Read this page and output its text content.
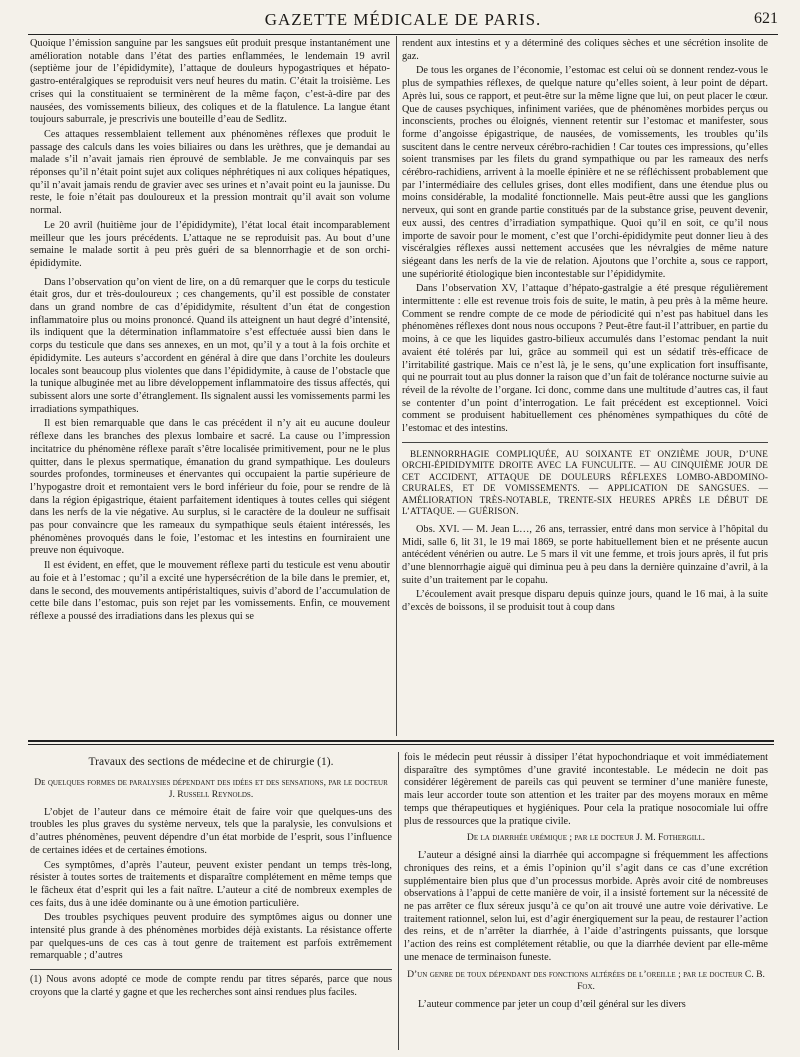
GAZETTE MÉDICALE DE PARIS.	621

Quoique l’émission sanguine par les sangsues eût produit presque instantanément une amélioration notable dans l’état des parties enflammées, le lendemain 19 avril (septième jour de l’épididymite), l’attaque de douleurs hypogastriques et hépato-gastro-entéralgiques se reproduisit vers neuf heures du matin. C’était la troisième. Les crises qui la constituaient se terminèrent de la même façon, c’est-à-dire par des nausées, des vomissements bilieux, des coliques et de la flatulence. La langue étant toujours saburrale, je prescrivis une bouteille d’eau de Sedlitz.

Ces attaques ressemblaient tellement aux phénomènes réflexes que produit le passage des calculs dans les voies biliaires ou dans les urèthres, que je demandai au malade s’il n’avait jamais rien éprouvé de semblable. Je me convainquis par ses réponses qu’il n’était point sujet aux coliques néphrétiques ni aux coliques hépatiques, qu’il n’avait jamais rendu de gravier avec ses urines et n’avait point eu la jaunisse. Du reste, le foie n’était pas douloureux et la pression montrait qu’il avait son volume normal.

Le 20 avril (huitième jour de l’épididymite), l’état local était incomparablement meilleur que les jours précédents. L’attaque ne se reproduisit pas. Au bout d’une semaine le malade sortit à peu près guéri de sa blennorrhagie et de son orchi-épididymite.

Dans l’observation qu’on vient de lire, on a dû remarquer que le corps du testicule était gros, dur et très-douloureux ; ces changements, qu’il est possible de constater dans un grand nombre de cas d’épididymite, résultent d’un état de congestion inflammatoire plus ou moins prononcé. Quand ils atteignent un haut degré d’intensité, ils indiquent que la détermination inflammatoire s’est effectuée aussi bien dans le corps du testicule que dans ses annexes, en un mot, qu’il y a tout à la fois orchite et épididymite. Les auteurs s’accordent en général à dire que dans l’orchite les douleurs locales sont beaucoup plus violentes que dans l’épididymite, à cause de l’obstacle que la tunique albuginée met au libre développement inflammatoire des tissus affectés, qui subissent alors une sorte d’étranglement. Ils signalent aussi les vomissements parmi les irradiations sympathiques.

Il est bien remarquable que dans le cas précédent il n’y ait eu aucune douleur réflexe dans les branches des plexus lombaire et sacré. La cause ou l’impression incitatrice du phénomène réflexe paraît s’être localisée primitivement, pour ne le plus quitter, dans le plexus spermatique, émanation du grand sympathique. Les douleurs sourdes profondes, tormineuses et énervantes qui occupaient la partie supérieure de l’hypogastre droit et remontaient vers le bord inférieur du foie, pour se rendre de là dans la région épigastrique, étaient parfaitement identiques à toutes celles qui siégent dans les nerfs de la vie négative. Au surplus, si le caractère de la douleur ne suffisait pas pour convaincre que les rameaux du sympathique seuls étaient intéressés, les phénomènes provoqués dans le foie, l’estomac et les intestins en fourniraient une preuve non équivoque.

Il est évident, en effet, que le mouvement réflexe parti du testicule est venu aboutir au foie et à l’estomac ; qu’il a excité une hypersécrétion de la bile dans le premier, et, dans le second, des mouvements antipéristaltiques, suivis d’abord de l’accumulation de cette bile dans l’estomac, puis son rejet par les vomissements. Enfin, ce mouvement réflexe a poussé des irradiations dans les plexus qui se

rendent aux intestins et y a déterminé des coliques sèches et une sécrétion insolite de gaz.

De tous les organes de l’économie, l’estomac est celui où se donnent rendez-vous le plus de sympathies réflexes, de quelque nature qu’elles soient, à leur point de départ. Après lui, sous ce rapport, et peut-être sur la même ligne que lui, on peut placer le cœur. Que de causes psychiques, infiniment variées, que de phénomènes morbides perçus ou inconscients, proches ou éloignés, viennent retentir sur l’estomac et manifester, sous forme d’angoisse épigastrique, de nausées, de vomissements, les troubles qu’ils suscitent dans le centre nerveux cérébro-rachidien ! Car toutes ces impressions, qu’elles soient transmises par les filets du grand sympathique ou par les rameaux des nerfs cérébro-rachidiens, arrivent à la moelle épinière et ne se réfléchissent probablement que par l’intermédiaire des cellules grises, dont elles modifient, dans une étendue plus ou moins considérable, la modalité fonctionnelle. Mais peut-être aussi que les ganglions nerveux, qui sont en grande partie constitués par de la substance grise, peuvent devenir, eux aussi, des centres d’irradiation sympathique. Quoi qu’il en soit, ce qu’il nous importe de savoir pour le moment, c’est que l’orchi-épididymite peut donner lieu à des viscéralgies réflexes aussi nettement accusées que les névralgies de même nature siégeant dans les nerfs de la vie de relation. Ajoutons que l’orchite a, sous ce rapport, une supériorité étiologique bien incontestable sur l’épididymite.

Dans l’observation XV, l’attaque d’hépato-gastralgie a été presque régulièrement intermittente : elle est revenue trois fois de suite, le matin, à peu près à la même heure. Comment se rendre compte de ce mode de périodicité qui n’est pas habituel dans les phénomènes réflexes dont nous nous occupons ? Peut-être faut-il l’attribuer, en partie du moins, à ce que les liquides gastro-bilieux accumulés dans l’estomac pendant la nuit avaient été tolérés par lui, grâce au sommeil qui est un sédatif très-efficace de l’irritabilité gastrique. Mais ce n’est là, je le sens, qu’une explication fort insuffisante, qui ne pourrait tout au plus donner la raison que d’un fait de tolérance nocturne suivie au réveil de la révolte de l’organe. Ici donc, comme dans une multitude d’autres cas, il faut se contenter d’un point d’interrogation. Le fait précédent est exceptionnel. Voici comment se produisent habituellement ces phénomènes sympathiques du côté de l’estomac et des intestins.

BLENNORRHAGIE COMPLIQUÉE, AU SOIXANTE ET ONZIÈME JOUR, D’UNE ORCHI-ÉPIDIDYMITE DROITE AVEC LA FUNCULITE. — AU CINQUIÈME JOUR DE CET ACCIDENT, ATTAQUE DE DOULEURS RÉFLEXES LOMBO-ABDOMINO-CRURALES, ET DE VOMISSEMENTS. — APPLICATION DE SANGSUES. — AMÉLIORATION TRÈS-NOTABLE, TRENTE-SIX HEURES APRÈS LE DÉBUT DE L’ATTAQUE. — GUÉRISON.

Obs. XVI. — M. Jean L…, 26 ans, terrassier, entré dans mon service à l’hôpital du Midi, salle 6, lit 31, le 19 mai 1869, se porte habituellement bien et ne présente aucun antécédent vénérien ou autre. Le 5 mars il vit une femme, et trois jours après, il fut pris d’une blennorrhagie aiguë qui diminua peu à peu dans la dernière quinzaine d’avril, à la suite d’un traitement par le copahu.

L’écoulement avait presque disparu depuis quinze jours, quand le 16 mai, à la suite d’excès de boissons, il se produisit tout à coup dans

Travaux des sections de médecine et de chirurgie (1).
De quelques formes de paralysies dépendant des idées et des sensations, par le docteur J. Russell Reynolds.

L’objet de l’auteur dans ce mémoire était de faire voir que quelques-uns des troubles les plus graves du système nerveux, tels que la paralysie, les convulsions et d’autres phénomènes, peuvent dépendre d’un état morbide de l’esprit, sous l’influence de certaines idées et de certaines émotions.

Ces symptômes, d’après l’auteur, peuvent exister pendant un temps très-long, résister à toutes sortes de traitements et disparaître complétement en même temps que le fâcheux état d’esprit qui les a fait naître. L’auteur a cité de nombreux exemples de ces faits, dus à une idée dominante ou à une émotion particulière.

Des troubles psychiques peuvent produire des symptômes aigus ou donner une intensité plus grande à des phénomènes morbides déjà existants. La résistance offerte par quelques-uns de ces cas à tout genre de traitement est parfois extrêmement remarquable ; d’autres

(1) Nous avons adopté ce mode de compte rendu par titres séparés, parce que nous croyons que la clarté y gagne et que les recherches sont ainsi rendues plus faciles.

fois le médecin peut réussir à dissiper l’état hypochondriaque et voit immédiatement disparaître des symptômes d’une gravité incontestable. Le médecin ne doit pas considérer légèrement de pareils cas qui peuvent se terminer d’une manière funeste, mais leur accorder toute son attention et les traiter par des moyens moraux en même temps que thérapeutiques et hygiéniques. Pour cela la pratique nosocomiale lui offre plus de ressources que la pratique civile.

De la diarrhée urémique ; par le docteur J. M. Fothergill.

L’auteur a désigné ainsi la diarrhée qui accompagne si fréquemment les affections chroniques des reins, et a émis l’opinion qu’il s’agit dans ce cas d’une excrétion supplémentaire bien plus que d’un processus morbide. Après avoir cité de nombreuses observations à l’appui de cette manière de voir, il a insisté fortement sur la nécessité de ne pas arrêter ce flux séreux jusqu’à ce qu’on ait trouvé une autre voie dérivative. Le traitement rationnel, selon lui, est d’agir énergiquement sur la peau, de restaurer l’action des reins, et de n’arrêter la diarrhée, à l’aide d’astringents puissants, que lorsque l’action des reins est complétement rétablie, ou que la diarrhée devient par elle-même une menace de terminaison funeste.

D’un genre de toux dépendant des fonctions altérées de l’oreille ; par le docteur C. B. Fox.

L’auteur commence par jeter un coup d’œil général sur les divers
